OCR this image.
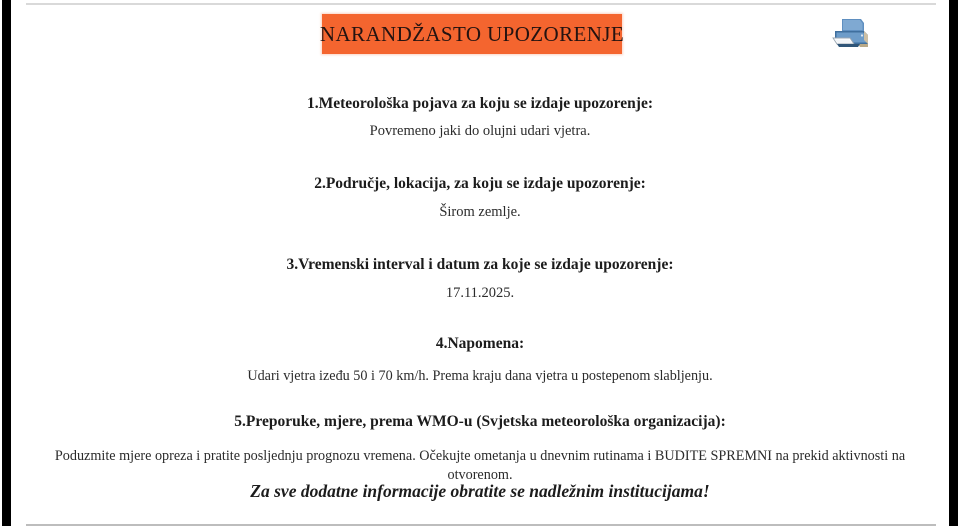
NARANDŽASTO UPOZORENJE
1.Meteorološka pojava za koju se izdaje upozorenje:
Povremeno jaki do olujni udari vjetra.
2.Područje, lokacija, za koju se izdaje upozorenje:
Širom zemlje.
3.Vremenski interval i datum za koje se izdaje upozorenje:
17.11.2025.
4.Napomena:
Udari vjetra izeđu 50 i 70 km/h. Prema kraju dana vjetra u postepenom slabljenju.
5.Preporuke, mjere, prema WMO-u (Svjetska meteorološka organizacija):
Poduzmite mjere opreza i pratite posljednju prognozu vremena. Očekujte ometanja u dnevnim rutinama i BUDITE SPREMNI na prekid aktivnosti na otvorenom.
Za sve dodatne informacije obratite se nadležnim institucijama!
